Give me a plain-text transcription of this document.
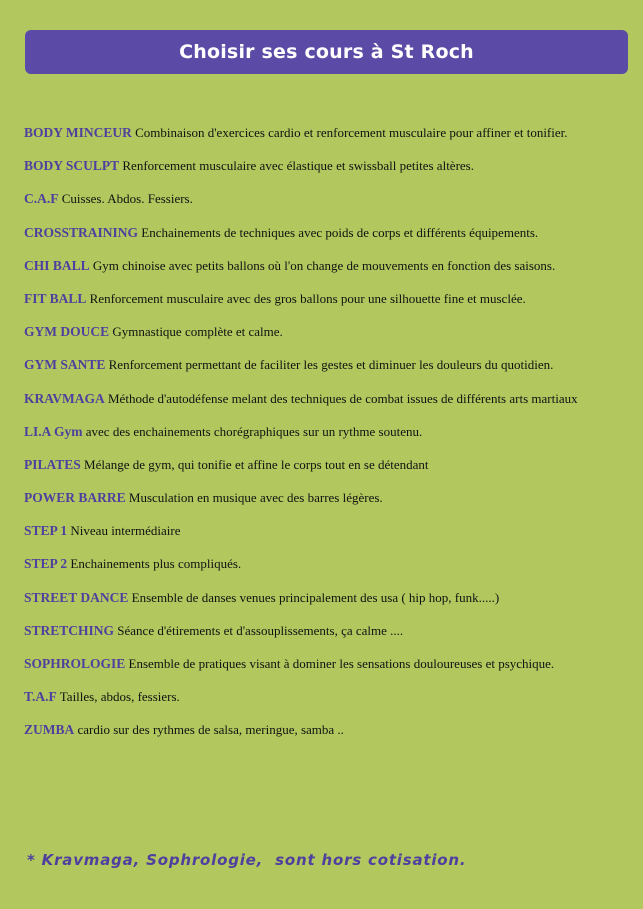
Choisir ses cours à St Roch
BODY MINCEUR Combinaison d'exercices cardio et renforcement musculaire pour affiner et tonifier.
BODY SCULPT Renforcement musculaire avec élastique et swissball petites altères.
C.A.F Cuisses. Abdos. Fessiers.
CROSSTRAINING Enchainements de techniques avec poids de corps et différents équipements.
CHI BALL Gym chinoise avec petits ballons où l'on change de mouvements en fonction des saisons.
FIT BALL Renforcement musculaire avec des gros ballons pour une silhouette fine et musclée.
GYM DOUCE Gymnastique complète et calme.
GYM SANTE Renforcement permettant de faciliter les gestes et diminuer les douleurs du quotidien.
KRAVMAGA Méthode d'autodéfense melant des techniques de combat issues de différents arts martiaux
LI.A Gym avec des enchainements chorégraphiques sur un rythme soutenu.
PILATES Mélange de gym, qui tonifie et affine le corps tout en se détendant
POWER BARRE Musculation en musique avec des barres légères.
STEP 1 Niveau intermédiaire
STEP 2 Enchainements plus compliqués.
STREET DANCE Ensemble de danses venues principalement des usa ( hip hop, funk.....)
STRETCHING Séance d'étirements et d'assouplissements, ça calme ....
SOPHROLOGIE Ensemble de pratiques visant à dominer les sensations douloureuses et psychique.
T.A.F Tailles, abdos, fessiers.
ZUMBA cardio sur des rythmes de salsa, meringue, samba ..
* Kravmaga, Sophrologie,  sont hors cotisation.
